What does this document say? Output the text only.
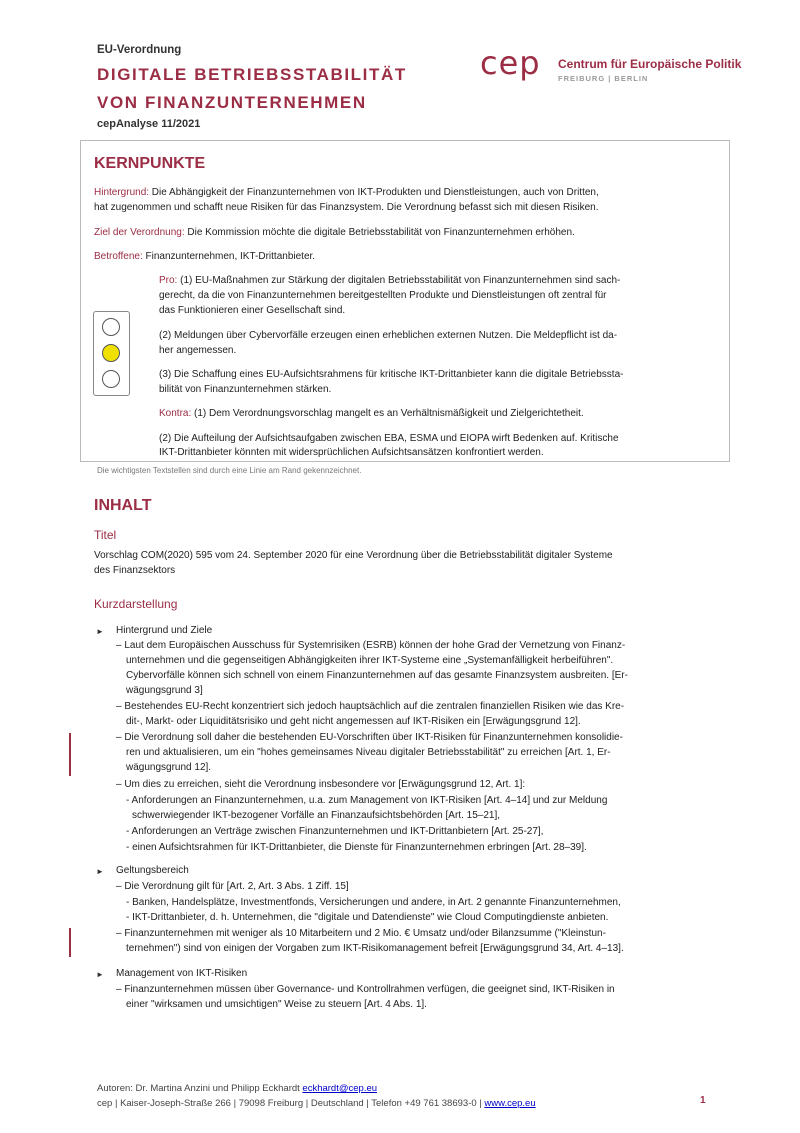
EU-Verordnung
DIGITALE BETRIEBSSTABILITÄT
VON FINANZUNTERNEHMEN
cepAnalyse 11/2021
cep Centrum für Europäische Politik
FREIBURG | BERLIN
KERNPUNKTE
Hintergrund: Die Abhängigkeit der Finanzunternehmen von IKT-Produkten und Dienstleistungen, auch von Dritten,
hat zugenommen und schafft neue Risiken für das Finanzsystem. Die Verordnung befasst sich mit diesen Risiken.
Ziel der Verordnung: Die Kommission möchte die digitale Betriebsstabilität von Finanzunternehmen erhöhen.
Betroffene: Finanzunternehmen, IKT-Drittanbieter.
Pro: (1) EU-Maßnahmen zur Stärkung der digitalen Betriebsstabilität von Finanzunternehmen sind sach-
gerecht, da die von Finanzunternehmen bereitgestellten Produkte und Dienstleistungen oft zentral für
das Funktionieren einer Gesellschaft sind.
(2) Meldungen über Cybervorfälle erzeugen einen erheblichen externen Nutzen. Die Meldepflicht ist da-
her angemessen.
(3) Die Schaffung eines EU-Aufsichtsrahmens für kritische IKT-Drittanbieter kann die digitale Betriebssta-
bilität von Finanzunternehmen stärken.
Kontra: (1) Dem Verordnungsvorschlag mangelt es an Verhältnismäßigkeit und Zielgerichtetheit.
(2) Die Aufteilung der Aufsichtsaufgaben zwischen EBA, ESMA und EIOPA wirft Bedenken auf. Kritische
IKT-Drittanbieter könnten mit widersprüchlichen Aufsichtsansätzen konfrontiert werden.
Die wichtigsten Textstellen sind durch eine Linie am Rand gekennzeichnet.
INHALT
Titel
Vorschlag COM(2020) 595 vom 24. September 2020 für eine Verordnung über die Betriebsstabilität digitaler Systeme
des Finanzsektors
Kurzdarstellung
► Hintergrund und Ziele
– Laut dem Europäischen Ausschuss für Systemrisiken (ESRB) können der hohe Grad der Vernetzung von Finanz-
unternehmen und die gegenseitigen Abhängigkeiten ihrer IKT-Systeme eine „Systemanfälligkeit herbeiführen".
Cybervorfälle können sich schnell von einem Finanzunternehmen auf das gesamte Finanzsystem ausbreiten. [Er-
wägungsgrund 3]
– Bestehendes EU-Recht konzentriert sich jedoch hauptsächlich auf die zentralen finanziellen Risiken wie das Kre-
dit-, Markt- oder Liquiditätsrisiko und geht nicht angemessen auf IKT-Risiken ein [Erwägungsgrund 12].
– Die Verordnung soll daher die bestehenden EU-Vorschriften über IKT-Risiken für Finanzunternehmen konsolidie-
ren und aktualisieren, um ein "hohes gemeinsames Niveau digitaler Betriebsstabilität" zu erreichen [Art. 1, Er-
wägungsgrund 12].
– Um dies zu erreichen, sieht die Verordnung insbesondere vor [Erwägungsgrund 12, Art. 1]:
- Anforderungen an Finanzunternehmen, u.a. zum Management von IKT-Risiken [Art. 4–14] und zur Meldung
schwerwiegender IKT-bezogener Vorfälle an Finanzaufsichtsbehörden [Art. 15–21],
- Anforderungen an Verträge zwischen Finanzunternehmen und IKT-Drittanbietern [Art. 25-27],
- einen Aufsichtsrahmen für IKT-Drittanbieter, die Dienste für Finanzunternehmen erbringen [Art. 28–39].
► Geltungsbereich
– Die Verordnung gilt für [Art. 2, Art. 3 Abs. 1 Ziff. 15]
- Banken, Handelsplätze, Investmentfonds, Versicherungen und andere, in Art. 2 genannte Finanzunternehmen,
- IKT-Drittanbieter, d. h. Unternehmen, die "digitale und Datendienste" wie Cloud Computingdienste anbieten.
– Finanzunternehmen mit weniger als 10 Mitarbeitern und 2 Mio. € Umsatz und/oder Bilanzsumme ("Kleinstun-
ternehmen") sind von einigen der Vorgaben zum IKT-Risikomanagement befreit [Erwägungsgrund 34, Art. 4–13].
► Management von IKT-Risiken
– Finanzunternehmen müssen über Governance- und Kontrollrahmen verfügen, die geeignet sind, IKT-Risiken in
einer "wirksamen und umsichtigen" Weise zu steuern [Art. 4 Abs. 1].
Autoren: Dr. Martina Anzini und Philipp Eckhardt eckhardt@cep.eu
cep | Kaiser-Joseph-Straße 266 | 79098 Freiburg | Deutschland | Telefon +49 761 38693-0 | www.cep.eu	1
